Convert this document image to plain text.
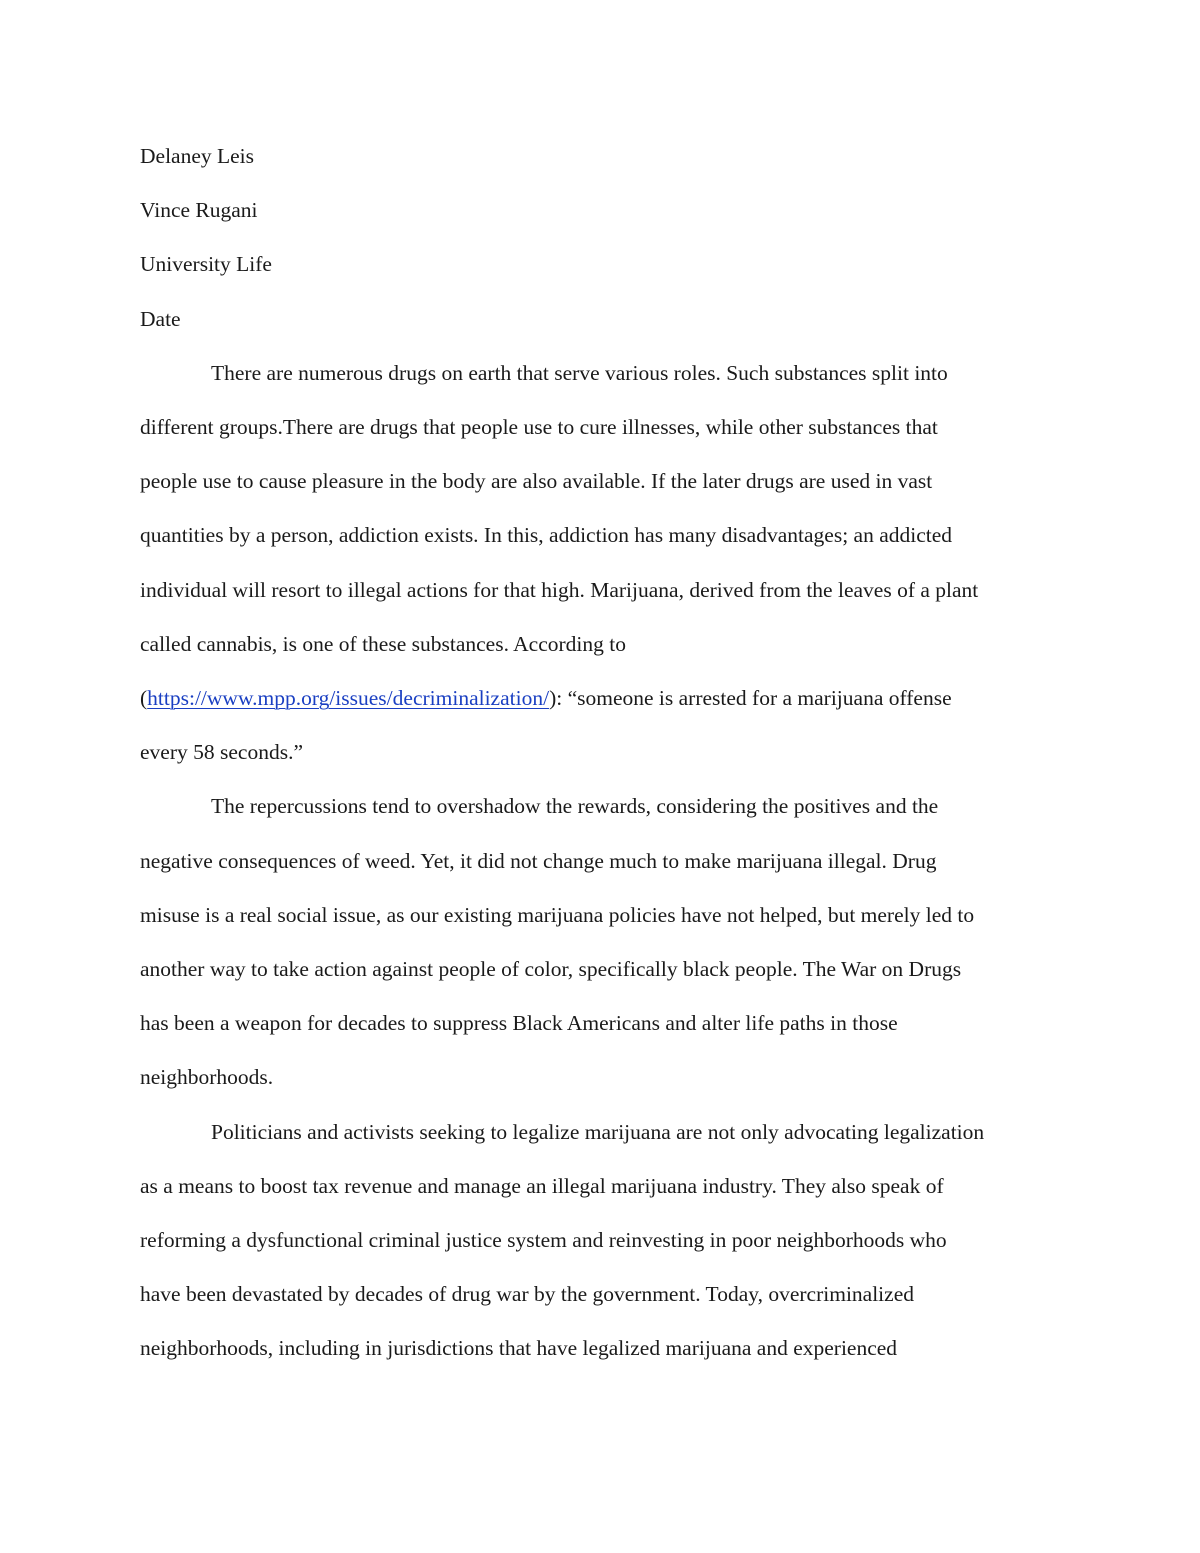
Delaney Leis

Vince Rugani

University Life

Date

There are numerous drugs on earth that serve various roles. Such substances split into
different groups.There are drugs that people use to cure illnesses, while other substances that
people use to cause pleasure in the body are also available. If the later drugs are used in vast
quantities by a person, addiction exists. In this, addiction has many disadvantages; an addicted
individual will resort to illegal actions for that high. Marijuana, derived from the leaves of a plant
called cannabis, is one of these substances. According to
(https://www.mpp.org/issues/decriminalization/): “someone is arrested for a marijuana offense
every 58 seconds.”
The repercussions tend to overshadow the rewards, considering the positives and the
negative consequences of weed. Yet, it did not change much to make marijuana illegal. Drug
misuse is a real social issue, as our existing marijuana policies have not helped, but merely led to
another way to take action against people of color, specifically black people. The War on Drugs
has been a weapon for decades to suppress Black Americans and alter life paths in those
neighborhoods.
Politicians and activists seeking to legalize marijuana are not only advocating legalization
as a means to boost tax revenue and manage an illegal marijuana industry. They also speak of
reforming a dysfunctional criminal justice system and reinvesting in poor neighborhoods who
have been devastated by decades of drug war by the government. Today, overcriminalized
neighborhoods, including in jurisdictions that have legalized marijuana and experienced
